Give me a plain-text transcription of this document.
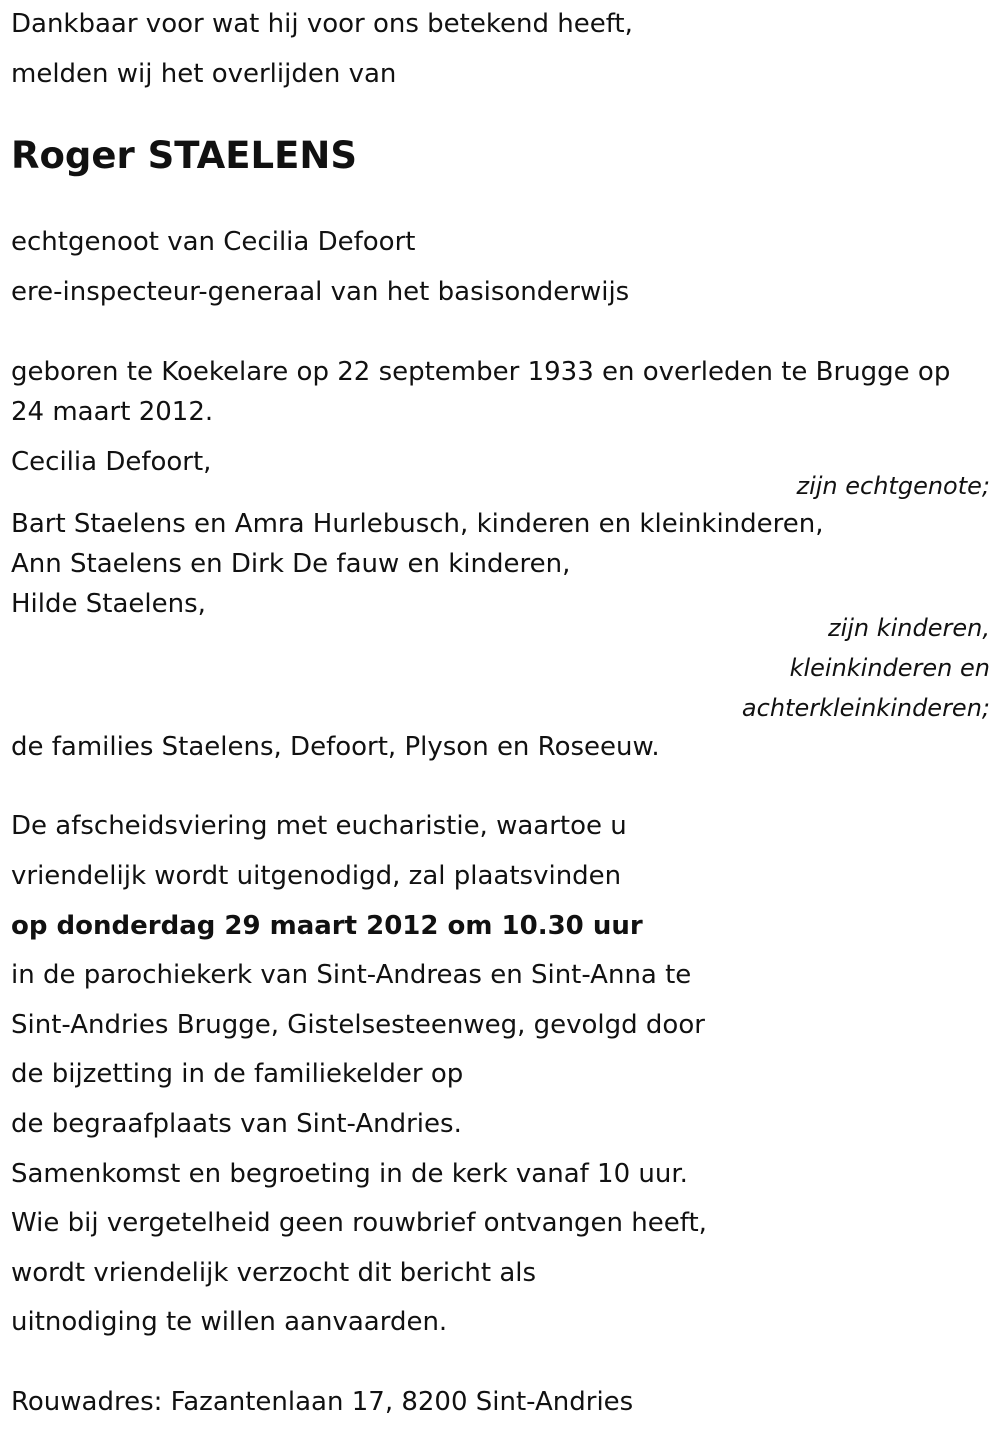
Dankbaar voor wat hij voor ons betekend heeft,
melden wij het overlijden van
Roger STAELENS
echtgenoot van Cecilia Defoort
ere-inspecteur-generaal van het basisonderwijs
geboren te Koekelare op 22 september 1933 en overleden te Brugge op
24 maart 2012.
Cecilia Defoort,
zijn echtgenote;
Bart Staelens en Amra Hurlebusch, kinderen en kleinkinderen,
Ann Staelens en Dirk De fauw en kinderen,
Hilde Staelens,
zijn kinderen,
kleinkinderen en
achterkleinkinderen;
de families Staelens, Defoort, Plyson en Roseeuw.
De afscheidsviering met eucharistie, waartoe u
vriendelijk wordt uitgenodigd, zal plaatsvinden
op donderdag 29 maart 2012 om 10.30 uur
in de parochiekerk van Sint-Andreas en Sint-Anna te
Sint-Andries Brugge, Gistelsesteenweg, gevolgd door
de bijzetting in de familiekelder op
de begraafplaats van Sint-Andries.
Samenkomst en begroeting in de kerk vanaf 10 uur.
Wie bij vergetelheid geen rouwbrief ontvangen heeft,
wordt vriendelijk verzocht dit bericht als
uitnodiging te willen aanvaarden.
Rouwadres: Fazantenlaan 17, 8200 Sint-Andries
